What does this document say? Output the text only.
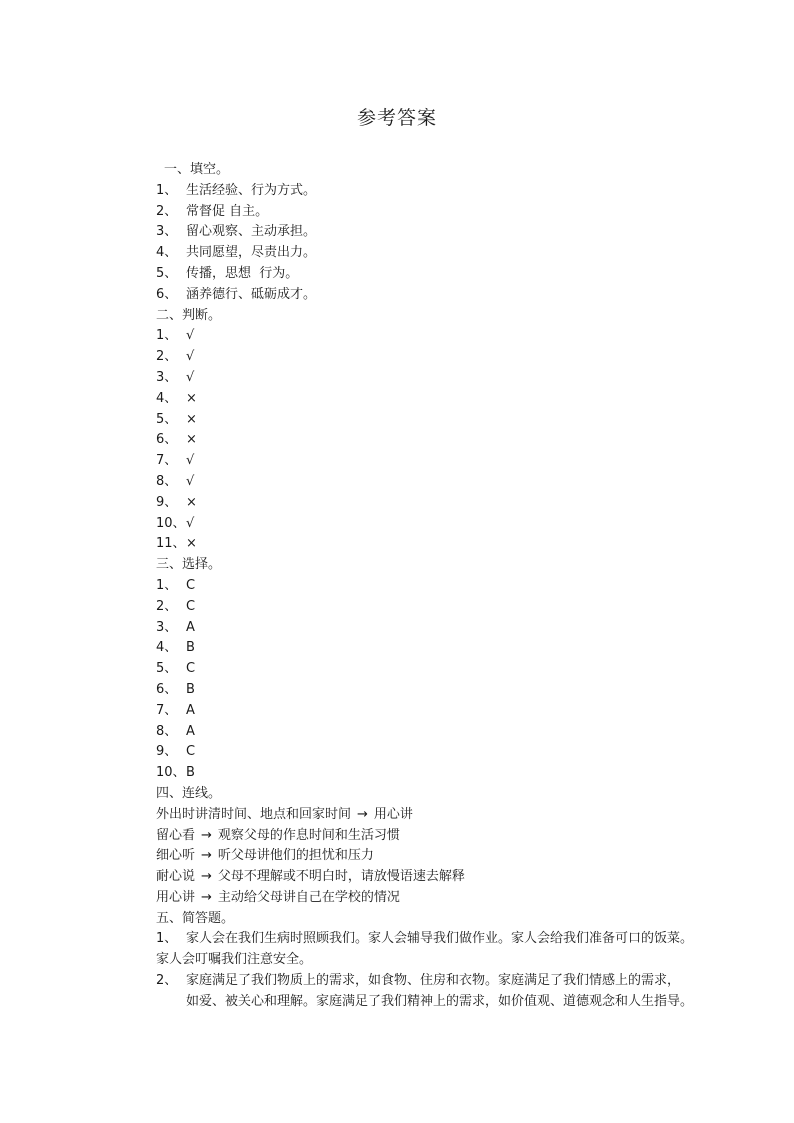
参考答案
一、填空。
1、 生活经验、行为方式。
2、 常督促 自主。
3、 留心观察、主动承担。
4、 共同愿望，尽责出力。
5、 传播，思想  行为。
6、 涵养德行、砥砺成才。
二、判断。
1、 √
2、 √
3、 √
4、 ×
5、 ×
6、 ×
7、 √
8、 √
9、 ×
10、√
11、×
三、选择。
1、 C
2、 C
3、 A
4、 B
5、 C
6、 B
7、 A
8、 A
9、 C
10、B
四、连线。
外出时讲清时间、地点和回家时间 → 用心讲
留心看 → 观察父母的作息时间和生活习惯
细心听 → 听父母讲他们的担忧和压力
耐心说 → 父母不理解或不明白时，请放慢语速去解释
用心讲 → 主动给父母讲自己在学校的情况
五、简答题。
1、 家人会在我们生病时照顾我们。家人会辅导我们做作业。家人会给我们准备可口的饭菜。
家人会叮嘱我们注意安全。
2、 家庭满足了我们物质上的需求，如食物、住房和衣物。家庭满足了我们情感上的需求，
如爱、被关心和理解。家庭满足了我们精神上的需求，如价值观、道德观念和人生指导。
